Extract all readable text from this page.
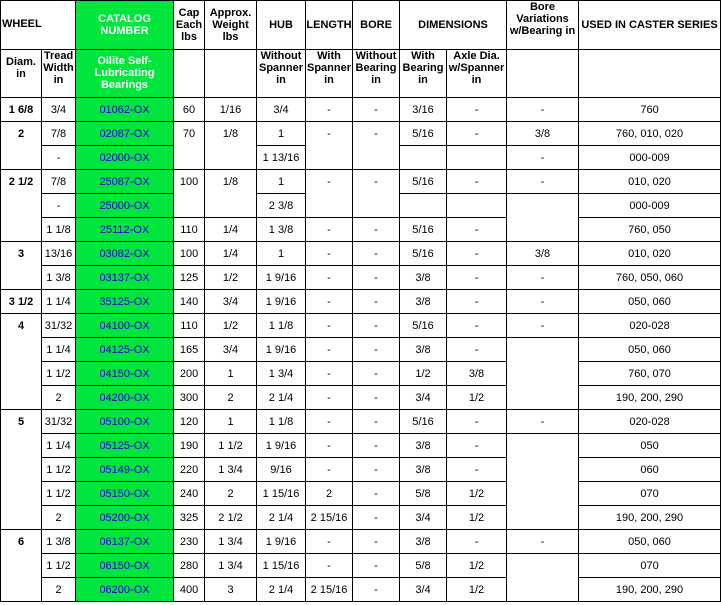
WHEEL		CATALOG NUMBER	Cap Each lbs	Approx. Weight lbs	HUB	LENGTH	BORE	DIMENSIONS		Bore Variations w/Bearing in	USED IN CASTER SERIES
Diam. in	Tread Width in	Oilite Self-Lubricating Bearings			Without Spanner in	With Spanner in	Without Bearing in	With Bearing in	Axle Dia. w/Spanner in		
1 6/8	3/4	01062-OX	60	1/16	3/4	-	-	3/16	-	-	760
2	7/8	02087-OX	70	1/8	1	-	-	5/16	-	3/8	760, 010, 020
	-	02000-OX			1 13/16					-	000-009
2 1/2	7/8	25087-OX	100	1/8	1	-	-	5/16	-	-	010, 020
	-	25000-OX			2 3/8						000-009
	1 1/8	25112-OX	110	1/4	1 3/8	-	-	5/16	-		760, 050
3	13/16	03082-OX	100	1/4	1	-	-	5/16	-	3/8	010, 020
	1 3/8	03137-OX	125	1/2	1 9/16	-	-	3/8	-	-	760, 050, 060
3 1/2	1 1/4	35125-OX	140	3/4	1 9/16	-	-	3/8	-	-	050, 060
4	31/32	04100-OX	110	1/2	1 1/8	-	-	5/16	-	-	020-028
	1 1/4	04125-OX	165	3/4	1 9/16	-	-	3/8	-		050, 060
	1 1/2	04150-OX	200	1	1 3/4	-	-	1/2	3/8		760, 070
	2	04200-OX	300	2	2 1/4	-	-	3/4	1/2		190, 200, 290
5	31/32	05100-OX	120	1	1 1/8	-	-	5/16	-	-	020-028
	1 1/4	05125-OX	190	1 1/2	1 9/16	-	-	3/8	-		050
	1 1/2	05149-OX	220	1 3/4	9/16	-	-	3/8	-		060
	1 1/2	05150-OX	240	2	1 15/16	2	-	5/8	1/2		070
	2	05200-OX	325	2 1/2	2 1/4	2 15/16	-	3/4	1/2		190, 200, 290
6	1 3/8	06137-OX	230	1 3/4	1 9/16	-	-	3/8	-	-	050, 060
	1 1/2	06150-OX	280	1 3/4	1 15/16	-	-	5/8	1/2		070
	2	06200-OX	400	3	2 1/4	2 15/16	-	3/4	1/2		190, 200, 290
